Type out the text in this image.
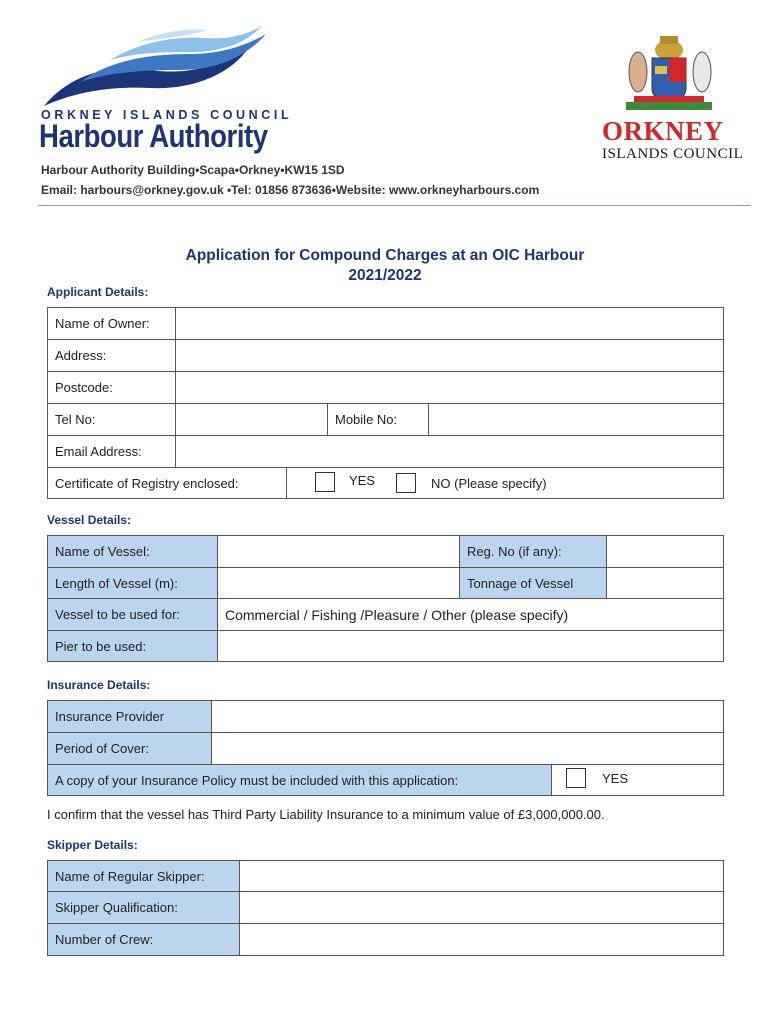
ORKNEY ISLANDS COUNCIL
Harbour Authority	ORKNEY
ISLANDS COUNCIL
Harbour Authority Building•Scapa•Orkney•KW15 1SD
Email: harbours@orkney.gov.uk •Tel: 01856 873636•Website: www.orkneyharbours.com
Application for Compound Charges at an OIC Harbour
2021/2022
Applicant Details:
Name of Owner:
Address:
Postcode:
Tel No:	Mobile No:
Email Address:
Certificate of Registry enclosed:	YES	NO (Please specify)
Vessel Details:
Name of Vessel:	Reg. No (if any):
Length of Vessel (m):	Tonnage of Vessel
Vessel to be used for:	Commercial / Fishing /Pleasure / Other (please specify)
Pier to be used:
Insurance Details:
Insurance Provider
Period of Cover:
A copy of your Insurance Policy must be included with this application:	YES
I confirm that the vessel has Third Party Liability Insurance to a minimum value of £3,000,000.00.
Skipper Details:
Name of Regular Skipper:
Skipper Qualification:
Number of Crew:
